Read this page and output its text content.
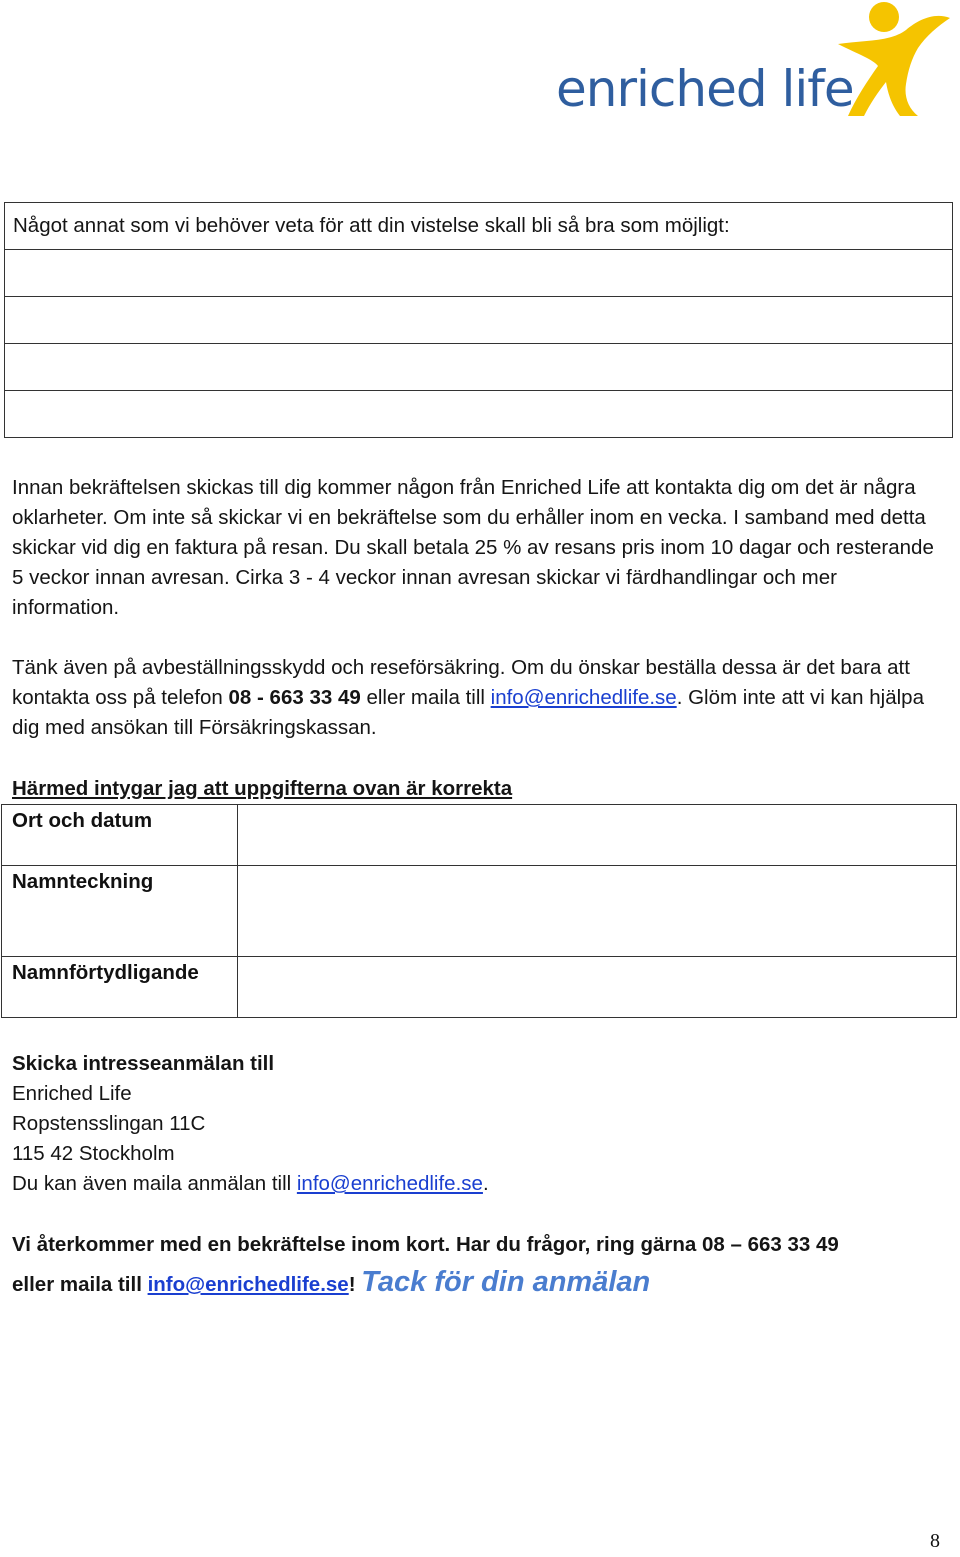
enriched life
Något annat som vi behöver veta för att din vistelse skall bli så bra som möjligt:

Innan bekräftelsen skickas till dig kommer någon från Enriched Life att kontakta dig om det är några oklarheter. Om inte så skickar vi en bekräftelse som du erhåller inom en vecka. I samband med detta skickar vid dig en faktura på resan. Du skall betala 25 % av resans pris inom 10 dagar och resterande 5 veckor innan avresan. Cirka 3 - 4 veckor innan avresan skickar vi färdhandlingar och mer information.
Tänk även på avbeställningsskydd och reseförsäkring. Om du önskar beställa dessa är det bara att kontakta oss på telefon 08 - 663 33 49 eller maila till info@enrichedlife.se. Glöm inte att vi kan hjälpa dig med ansökan till Försäkringskassan.
Härmed intygar jag att uppgifterna ovan är korrekta
Ort och datum	
Namnteckning	
Namnförtydligande	
Skicka intresseanmälan till
Enriched Life
Ropstensslingan 11C
115 42 Stockholm
Du kan även maila anmälan till info@enrichedlife.se.
Vi återkommer med en bekräftelse inom kort. Har du frågor, ring gärna 08 – 663 33 49
eller maila till info@enrichedlife.se! Tack för din anmälan
8
